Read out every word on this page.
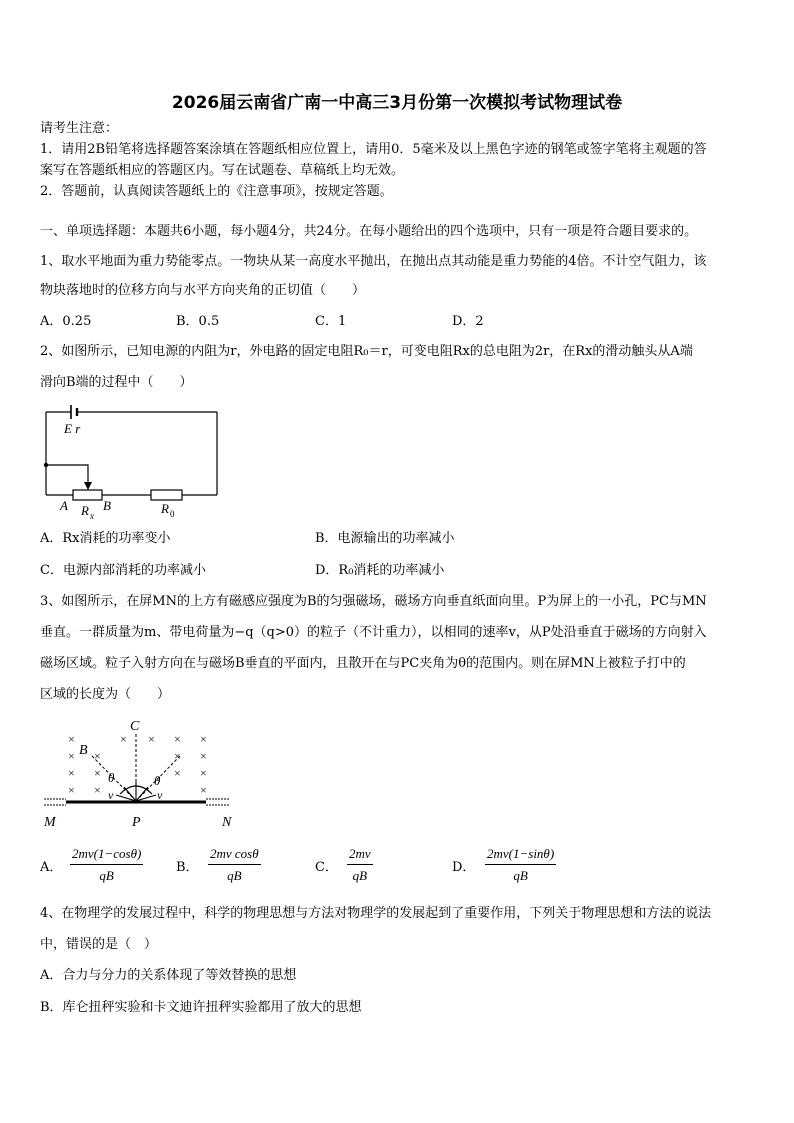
2026届云南省广南一中高三3月份第一次模拟考试物理试卷
请考生注意：
1．请用2B铅笔将选择题答案涂填在答题纸相应位置上，请用0．5毫米及以上黑色字迹的钢笔或签字笔将主观题的答
案写在答题纸相应的答题区内。写在试题卷、草稿纸上均无效。
2．答题前，认真阅读答题纸上的《注意事项》，按规定答题。
一、单项选择题：本题共6小题，每小题4分，共24分。在每小题给出的四个选项中，只有一项是符合题目要求的。
1、取水平地面为重力势能零点。一物块从某一高度水平抛出，在抛出点其动能是重力势能的4倍。不计空气阻力，该
物块落地时的位移方向与水平方向夹角的正切值（　　）
A．0.25	B．0.5	C．1	D．2
2、如图所示，已知电源的内阻为r，外电路的固定电阻R₀＝r，可变电阻Rx的总电阻为2r，在Rx的滑动触头从A端
滑向B端的过程中（　　）
E r
A	B
R x	R 0
A．Rx消耗的功率变小	B．电源输出的功率减小
C．电源内部消耗的功率减小	D．R₀消耗的功率减小
3、如图所示，在屏MN的上方有磁感应强度为B的匀强磁场，磁场方向垂直纸面向里。P为屏上的一小孔，PC与MN
垂直。一群质量为m、带电荷量为−q（q>0）的粒子（不计重力），以相同的速率v，从P处沿垂直于磁场的方向射入
磁场区域。粒子入射方向在与磁场B垂直的平面内，且散开在与PC夹角为θ的范围内。则在屏MN上被粒子打中的
区域的长度为（　　）
×	× × × ×
× ×	× ×
× ×	× ×
× ×	×
C
B
θ	θ
v	v
M	P	N
A． $\frac{2mv(1-\cos\theta)}{qB}$	B． $\frac{\text{2mv cosθ}}{qB}$	C． $\frac{2mv}{qB}$	D． $\frac{2mv(1-\sin\theta)}{qB}$
4、在物理学的发展过程中，科学的物理思想与方法对物理学的发展起到了重要作用，下列关于物理思想和方法的说法
中，错误的是（　）
A．合力与分力的关系体现了等效替换的思想
B．库仑扭秤实验和卡文迪许扭秤实验都用了放大的思想
